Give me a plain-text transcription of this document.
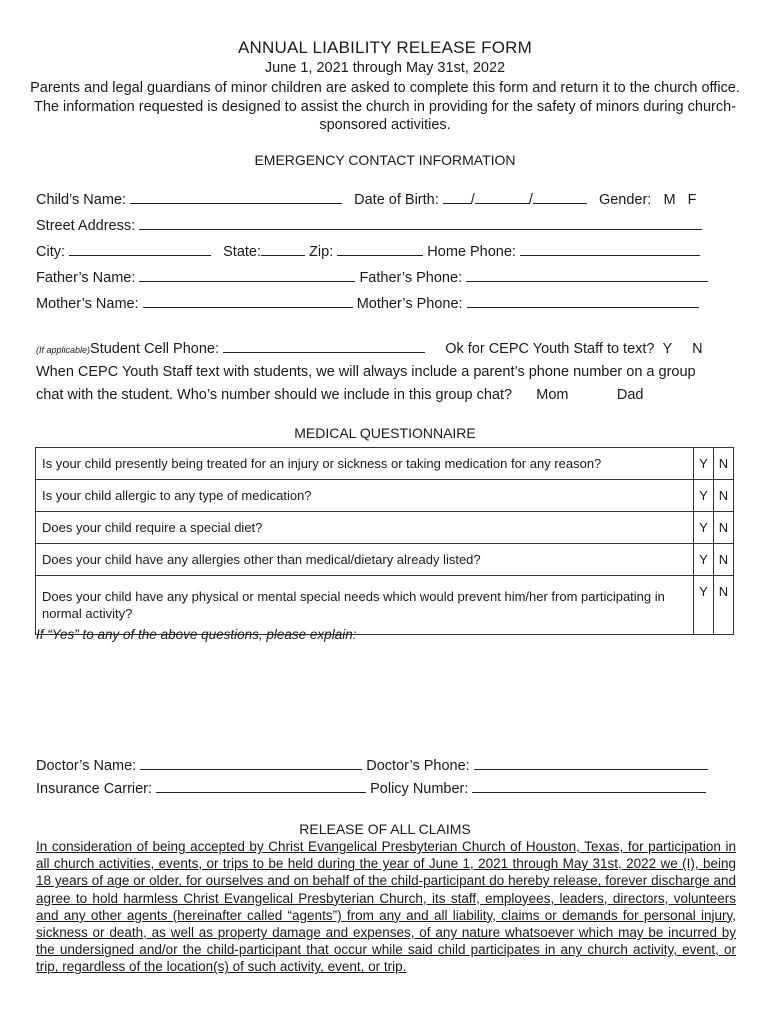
ANNUAL LIABILITY RELEASE FORM
June 1, 2021 through May 31st, 2022
Parents and legal guardians of minor children are asked to complete this form and return it to the church office. The information requested is designed to assist the church in providing for the safety of minors during church-sponsored activities.
EMERGENCY CONTACT INFORMATION
Child’s Name:	Date of Birth: /	/	Gender: M F
Street Address:
City:	State:	Zip:	Home Phone:
Father’s Name:	Father’s Phone:
Mother’s Name:	Mother’s Phone:
(If applicable)Student Cell Phone:	Ok for CEPC Youth Staff to text? Y N
When CEPC Youth Staff text with students, we will always include a parent’s phone number on a group
chat with the student. Who’s number should we include in this group chat? Mom	Dad
MEDICAL QUESTIONNAIRE
Is your child presently being treated for an injury or sickness or taking medication for any reason?	Y	N
Is your child allergic to any type of medication?	Y	N
Does your child require a special diet?	Y	N
Does your child have any allergies other than medical/dietary already listed?	Y	N
Does your child have any physical or mental special needs which would prevent him/her from participating in normal activity?	Y	N
If “Yes” to any of the above questions, please explain:
Doctor’s Name:	Doctor’s Phone:
Insurance Carrier:	Policy Number:
RELEASE OF ALL CLAIMS
In consideration of being accepted by Christ Evangelical Presbyterian Church of Houston, Texas, for participation in all church activities, events, or trips to be held during the year of June 1, 2021 through May 31st, 2022 we (I), being 18 years of age or older, for ourselves and on behalf of the child-participant do hereby release, forever discharge and agree to hold harmless Christ Evangelical Presbyterian Church, its staff, employees, leaders, directors, volunteers and any other agents (hereinafter called “agents”) from any and all liability, claims or demands for personal injury, sickness or death, as well as property damage and expenses, of any nature whatsoever which may be incurred by the undersigned and/or the child-participant that occur while said child participates in any church activity, event, or trip, regardless of the location(s) of such activity, event, or trip.
